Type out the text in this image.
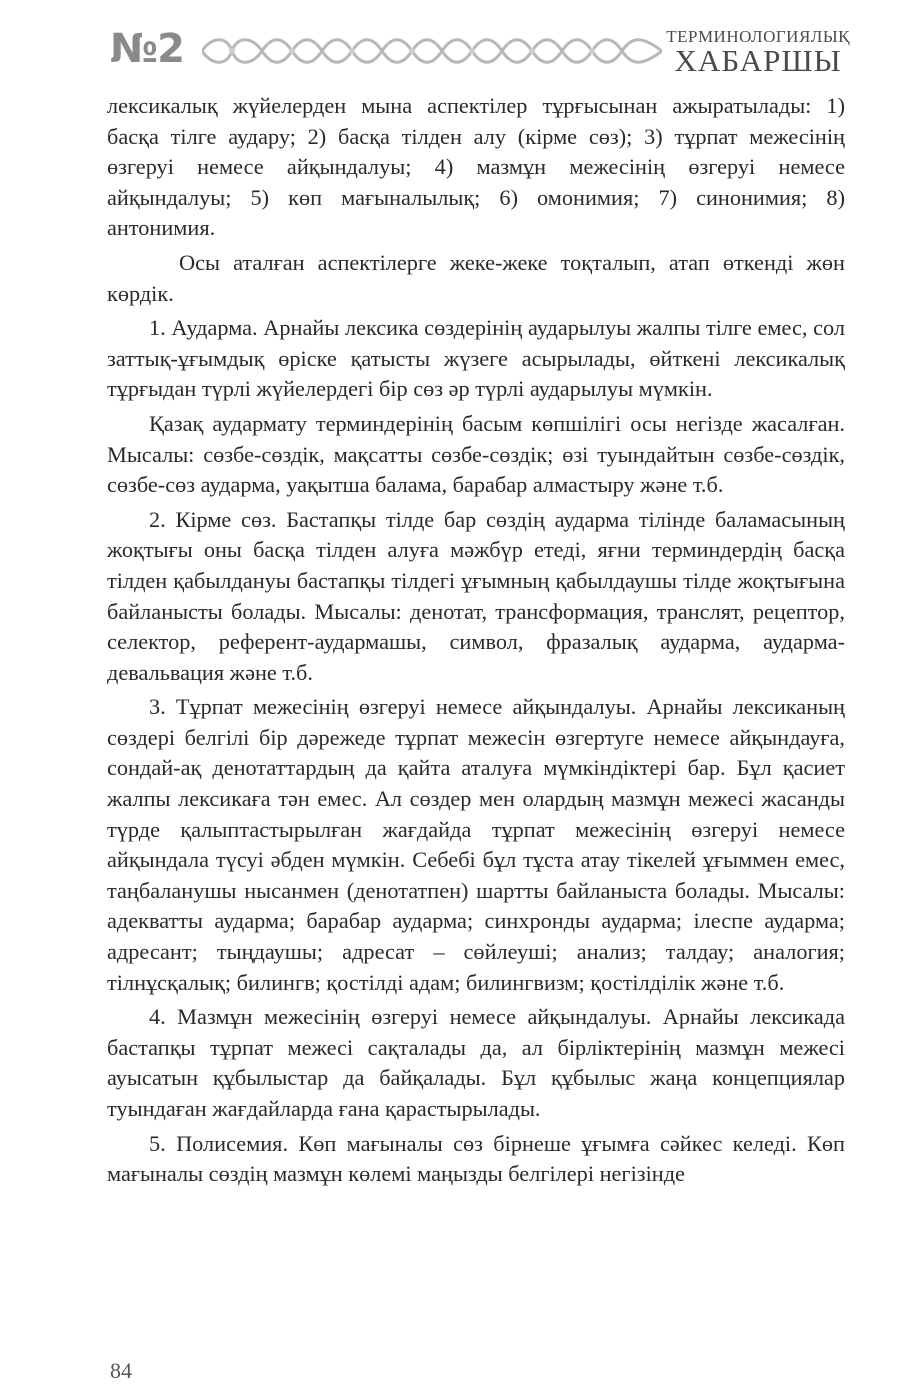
№2	ТЕРМИНОЛОГИЯЛЫҚ
ХАБАРШЫ

лексикалық жүйелерден мына аспектілер тұрғысынан ажыратылады: 1) басқа тілге аудару; 2) басқа тілден алу (кірме сөз); 3) тұрпат межесінің өзгеруі немесе айқындалуы; 4) мазмұн межесінің өзгеруі немесе айқындалуы; 5) көп мағыналылық; 6) омонимия; 7) синонимия; 8) антонимия.

Осы аталған аспектілерге жеке-жеке тоқталып, атап өткенді жөн көрдік.

1. Аударма. Арнайы лексика сөздерінің аударылуы жалпы тілге емес, сол заттық-ұғымдық өріске қатысты жүзеге асырылады, өйткені лексикалық тұрғыдан түрлі жүйелердегі бір сөз әр түрлі аударылуы мүмкін.

Қазақ аудармату терминдерінің басым көпшілігі осы негізде жасалған. Мысалы: сөзбе-сөздік, мақсатты сөзбе-сөздік; өзі туындайтын сөзбе-сөздік, сөзбе-сөз аударма, уақытша балама, барабар алмастыру және т.б.

2. Кірме сөз. Бастапқы тілде бар сөздің аударма тілінде баламасының жоқтығы оны басқа тілден алуға мәжбүр етеді, яғни терминдердің басқа тілден қабылдануы бастапқы тілдегі ұғымның қабылдаушы тілде жоқтығына байланысты болады. Мысалы: денотат, трансформация, транслят, рецептор, селектор, референт-аудармашы, символ, фразалық аударма, аударма-девальвация және т.б.

3. Тұрпат межесінің өзгеруі немесе айқындалуы. Арнайы лексиканың сөздері белгілі бір дәрежеде тұрпат межесін өзгертуге немесе айқындауға, сондай-ақ денотаттардың да қайта аталуға мүмкіндіктері бар. Бұл қасиет жалпы лексикаға тән емес. Ал сөздер мен олардың мазмұн межесі жасанды түрде қалыптастырылған жағдайда тұрпат межесінің өзгеруі немесе айқындала түсуі әбден мүмкін. Себебі бұл тұста атау тікелей ұғыммен емес, таңбаланушы нысанмен (денотатпен) шартты байланыста болады. Мысалы: адекватты аударма; барабар аударма; синхронды аударма; ілеспе аударма; адресант; тыңдаушы; адресат – сөйлеуші; анализ; талдау; аналогия; тілнұсқалық; билингв; қостілді адам; билингвизм; қостілділік және т.б.

4. Мазмұн межесінің өзгеруі немесе айқындалуы. Арнайы лексикада бастапқы тұрпат межесі сақталады да, ал бірліктерінің мазмұн межесі ауысатын құбылыстар да байқалады. Бұл құбылыс жаңа концепциялар туындаған жағдайларда ғана қарастырылады.

5. Полисемия. Көп мағыналы сөз бірнеше ұғымға сәйкес келеді. Көп мағыналы сөздің мазмұн көлемі маңызды белгілері негізінде

84
